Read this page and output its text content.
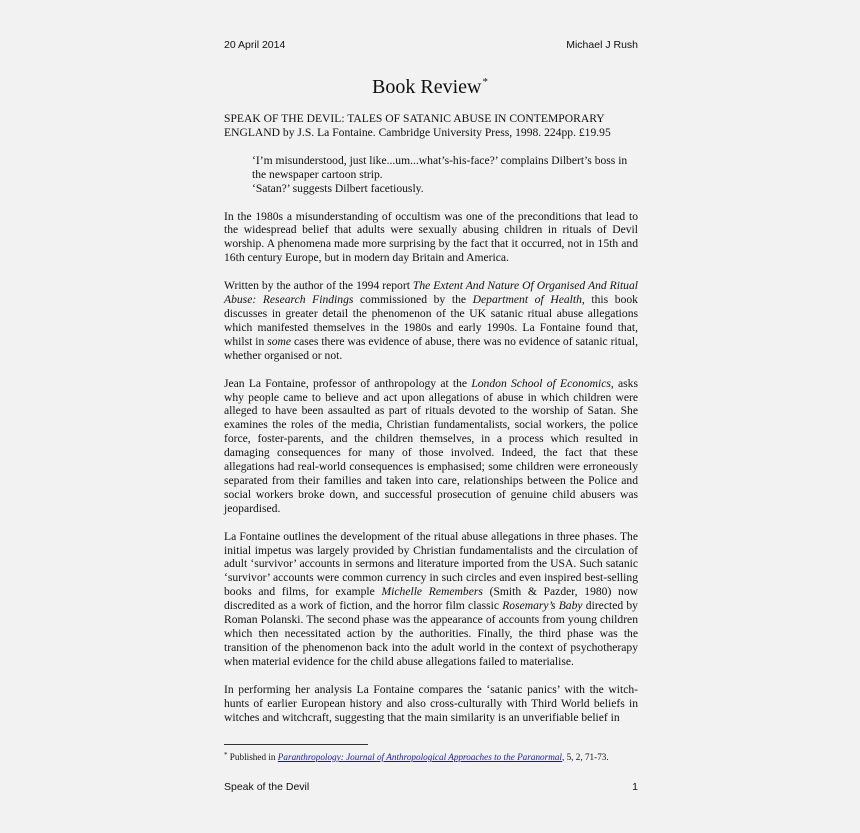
20 April 2014	Michael J Rush
Book Review*

SPEAK OF THE DEVIL: TALES OF SATANIC ABUSE IN CONTEMPORARY ENGLAND by J.S. La Fontaine. Cambridge University Press, 1998. 224pp. £19.95

‘I’m misunderstood, just like...um...what’s-his-face?’ complains Dilbert’s boss in the newspaper cartoon strip.
‘Satan?’ suggests Dilbert facetiously.

In the 1980s a misunderstanding of occultism was one of the preconditions that lead to the widespread belief that adults were sexually abusing children in rituals of Devil worship. A phenomena made more surprising by the fact that it occurred, not in 15th and 16th century Europe, but in modern day Britain and America.

Written by the author of the 1994 report The Extent And Nature Of Organised And Ritual Abuse: Research Findings commissioned by the Department of Health, this book discusses in greater detail the phenomenon of the UK satanic ritual abuse allegations which manifested themselves in the 1980s and early 1990s. La Fontaine found that, whilst in some cases there was evidence of abuse, there was no evidence of satanic ritual, whether organised or not.

Jean La Fontaine, professor of anthropology at the London School of Economics, asks why people came to believe and act upon allegations of abuse in which children were alleged to have been assaulted as part of rituals devoted to the worship of Satan. She examines the roles of the media, Christian fundamentalists, social workers, the police force, foster-parents, and the children themselves, in a process which resulted in damaging consequences for many of those involved. Indeed, the fact that these allegations had real-world consequences is emphasised; some children were erroneously separated from their families and taken into care, relationships between the Police and social workers broke down, and successful prosecution of genuine child abusers was jeopardised.

La Fontaine outlines the development of the ritual abuse allegations in three phases. The initial impetus was largely provided by Christian fundamentalists and the circulation of adult ‘survivor’ accounts in sermons and literature imported from the USA. Such satanic ‘survivor’ accounts were common currency in such circles and even inspired best-selling books and films, for example Michelle Remembers (Smith & Pazder, 1980) now discredited as a work of fiction, and the horror film classic Rosemary’s Baby directed by Roman Polanski. The second phase was the appearance of accounts from young children which then necessitated action by the authorities. Finally, the third phase was the transition of the phenomenon back into the adult world in the context of psychotherapy when material evidence for the child abuse allegations failed to materialise.

In performing her analysis La Fontaine compares the ‘satanic panics’ with the witch-hunts of earlier European history and also cross-culturally with Third World beliefs in witches and witchcraft, suggesting that the main similarity is an unverifiable belief in

* Published in Paranthropology: Journal of Anthropological Approaches to the Paranormal, 5, 2, 71-73.
Speak of the Devil	1
